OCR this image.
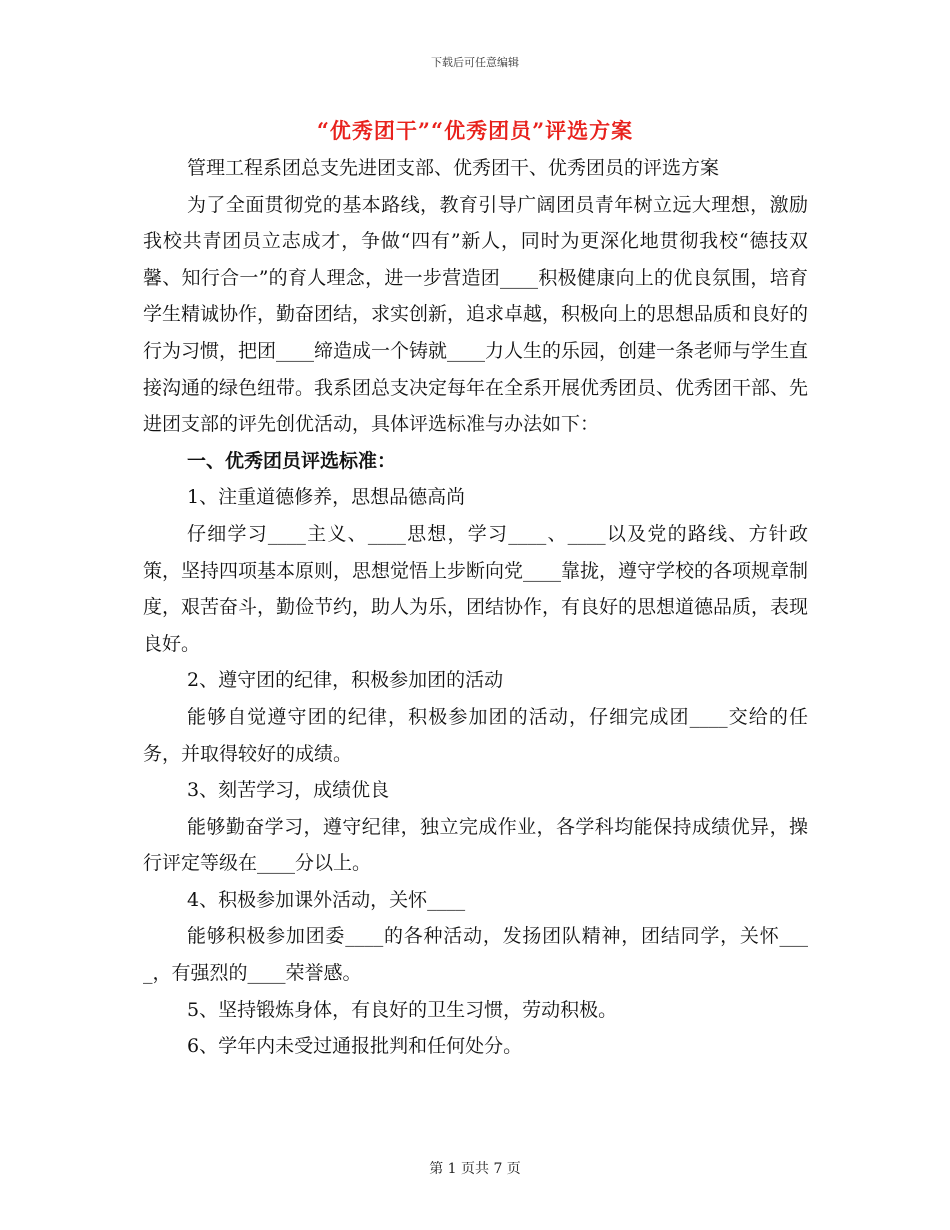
下载后可任意编辑
“优秀团干”“优秀团员”评选方案

管理工程系团总支先进团支部、优秀团干、优秀团员的评选方案

为了全面贯彻党的基本路线，教育引导广阔团员青年树立远大理想，激励我校共青团员立志成才，争做“四有”新人，同时为更深化地贯彻我校“德技双馨、知行合一”的育人理念，进一步营造团____积极健康向上的优良氛围，培育学生精诚协作，勤奋团结，求实创新，追求卓越，积极向上的思想品质和良好的行为习惯，把团____缔造成一个铸就____力人生的乐园，创建一条老师与学生直接沟通的绿色纽带。我系团总支决定每年在全系开展优秀团员、优秀团干部、先进团支部的评先创优活动，具体评选标准与办法如下：

一、优秀团员评选标准：

1、注重道德修养，思想品德高尚

仔细学习____主义、____思想，学习____、____以及党的路线、方针政策，坚持四项基本原则，思想觉悟上步断向党____靠拢，遵守学校的各项规章制度，艰苦奋斗，勤俭节约，助人为乐，团结协作，有良好的思想道德品质，表现良好。

2、遵守团的纪律，积极参加团的活动

能够自觉遵守团的纪律，积极参加团的活动，仔细完成团____交给的任务，并取得较好的成绩。

3、刻苦学习，成绩优良

能够勤奋学习，遵守纪律，独立完成作业，各学科均能保持成绩优异，操行评定等级在____分以上。

4、积极参加课外活动，关怀____

能够积极参加团委____的各种活动，发扬团队精神，团结同学，关怀____，有强烈的____荣誉感。

5、坚持锻炼身体，有良好的卫生习惯，劳动积极。

6、学年内未受过通报批判和任何处分。

第 1 页共 7 页
